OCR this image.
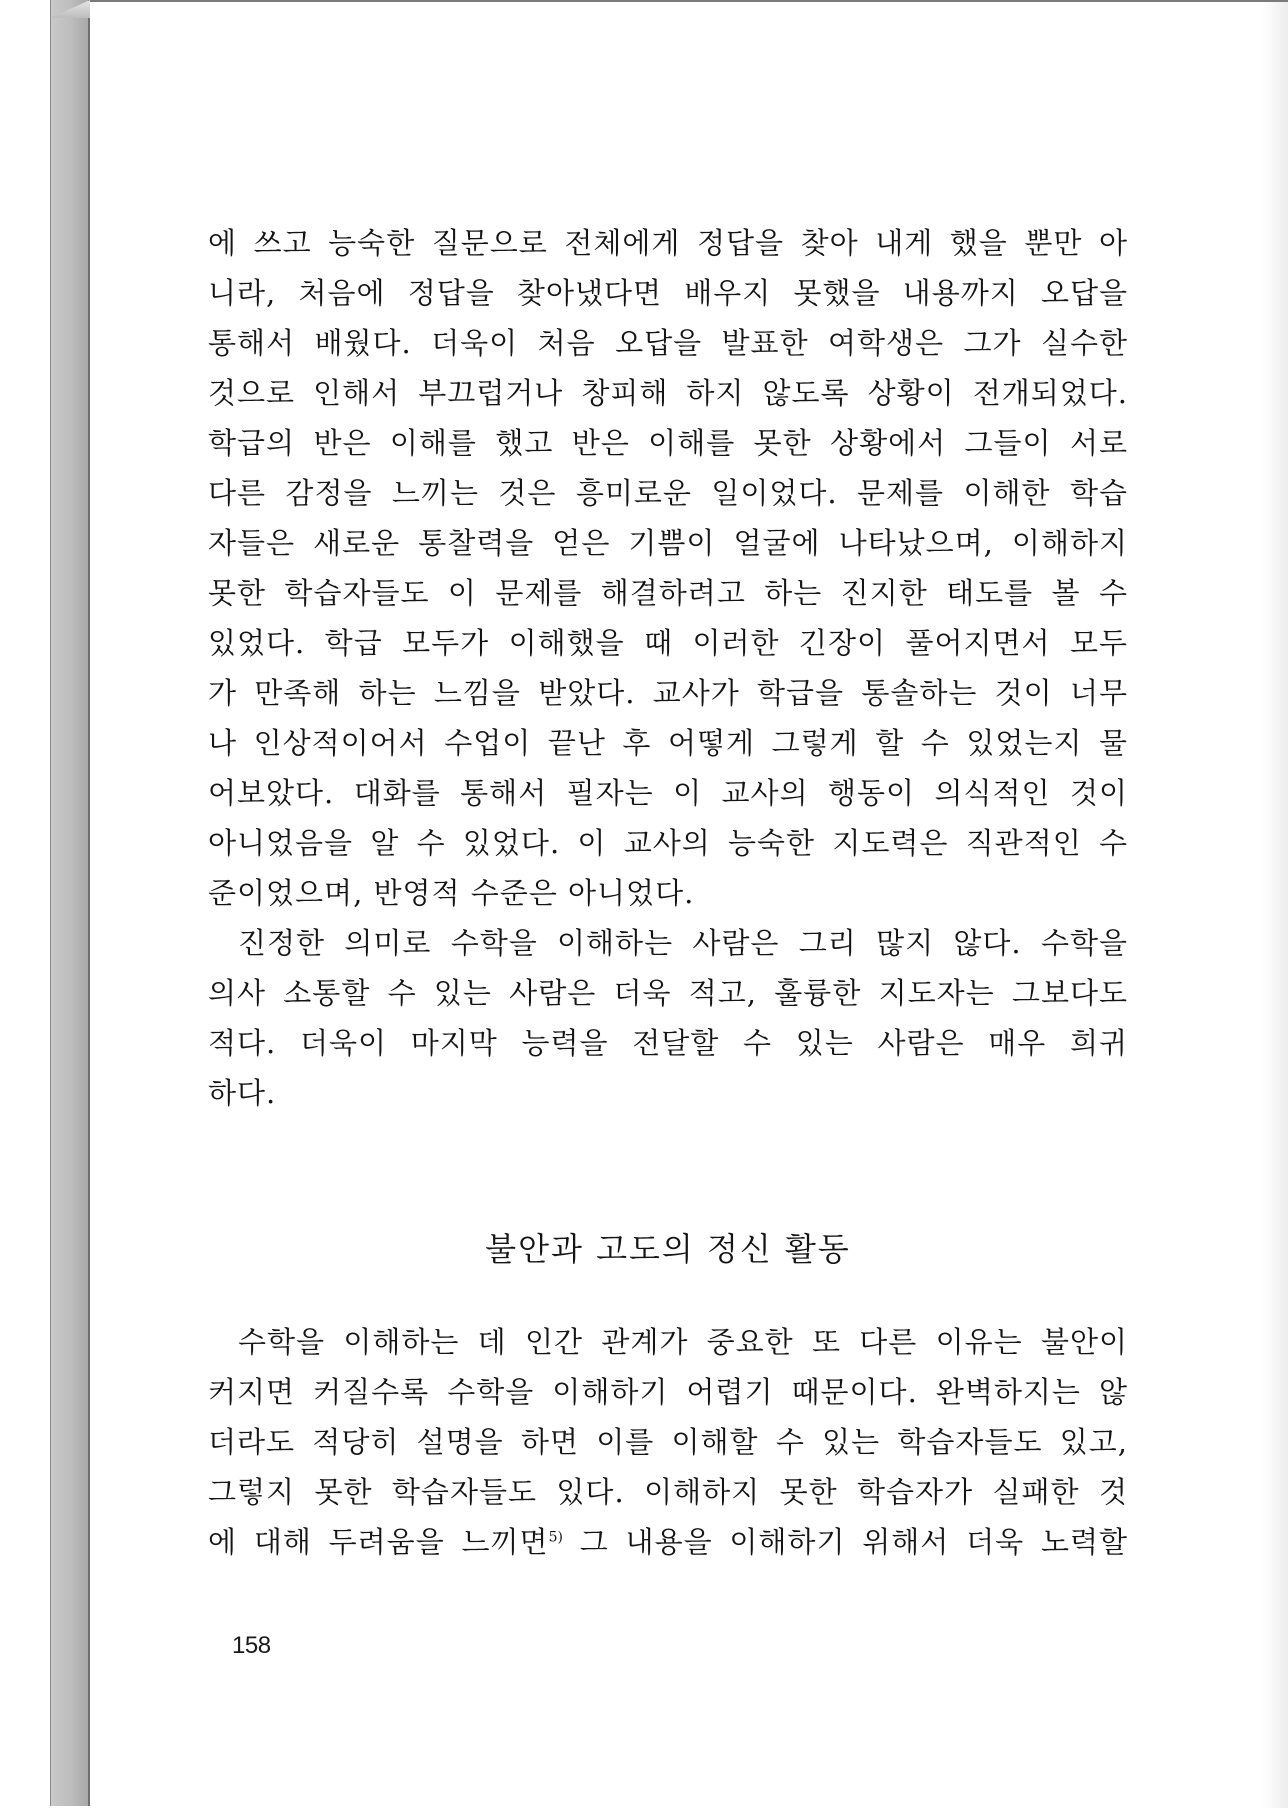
에 쓰고 능숙한 질문으로 전체에게 정답을 찾아 내게 했을 뿐만 아
니라, 처음에 정답을 찾아냈다면 배우지 못했을 내용까지 오답을
통해서 배웠다. 더욱이 처음 오답을 발표한 여학생은 그가 실수한
것으로 인해서 부끄럽거나 창피해 하지 않도록 상황이 전개되었다.
학급의 반은 이해를 했고 반은 이해를 못한 상황에서 그들이 서로
다른 감정을 느끼는 것은 흥미로운 일이었다. 문제를 이해한 학습
자들은 새로운 통찰력을 얻은 기쁨이 얼굴에 나타났으며, 이해하지
못한 학습자들도 이 문제를 해결하려고 하는 진지한 태도를 볼 수
있었다. 학급 모두가 이해했을 때 이러한 긴장이 풀어지면서 모두
가 만족해 하는 느낌을 받았다. 교사가 학급을 통솔하는 것이 너무
나 인상적이어서 수업이 끝난 후 어떻게 그렇게 할 수 있었는지 물
어보았다. 대화를 통해서 필자는 이 교사의 행동이 의식적인 것이
아니었음을 알 수 있었다. 이 교사의 능숙한 지도력은 직관적인 수
준이었으며, 반영적 수준은 아니었다.
진정한 의미로 수학을 이해하는 사람은 그리 많지 않다. 수학을
의사 소통할 수 있는 사람은 더욱 적고, 훌륭한 지도자는 그보다도
적다. 더욱이 마지막 능력을 전달할 수 있는 사람은 매우 희귀
하다.
불안과 고도의 정신 활동
수학을 이해하는 데 인간 관계가 중요한 또 다른 이유는 불안이
커지면 커질수록 수학을 이해하기 어렵기 때문이다. 완벽하지는 않
더라도 적당히 설명을 하면 이를 이해할 수 있는 학습자들도 있고,
그렇지 못한 학습자들도 있다. 이해하지 못한 학습자가 실패한 것
에 대해 두려움을 느끼면$^{5)}$ 그 내용을 이해하기 위해서 더욱 노력할
158
